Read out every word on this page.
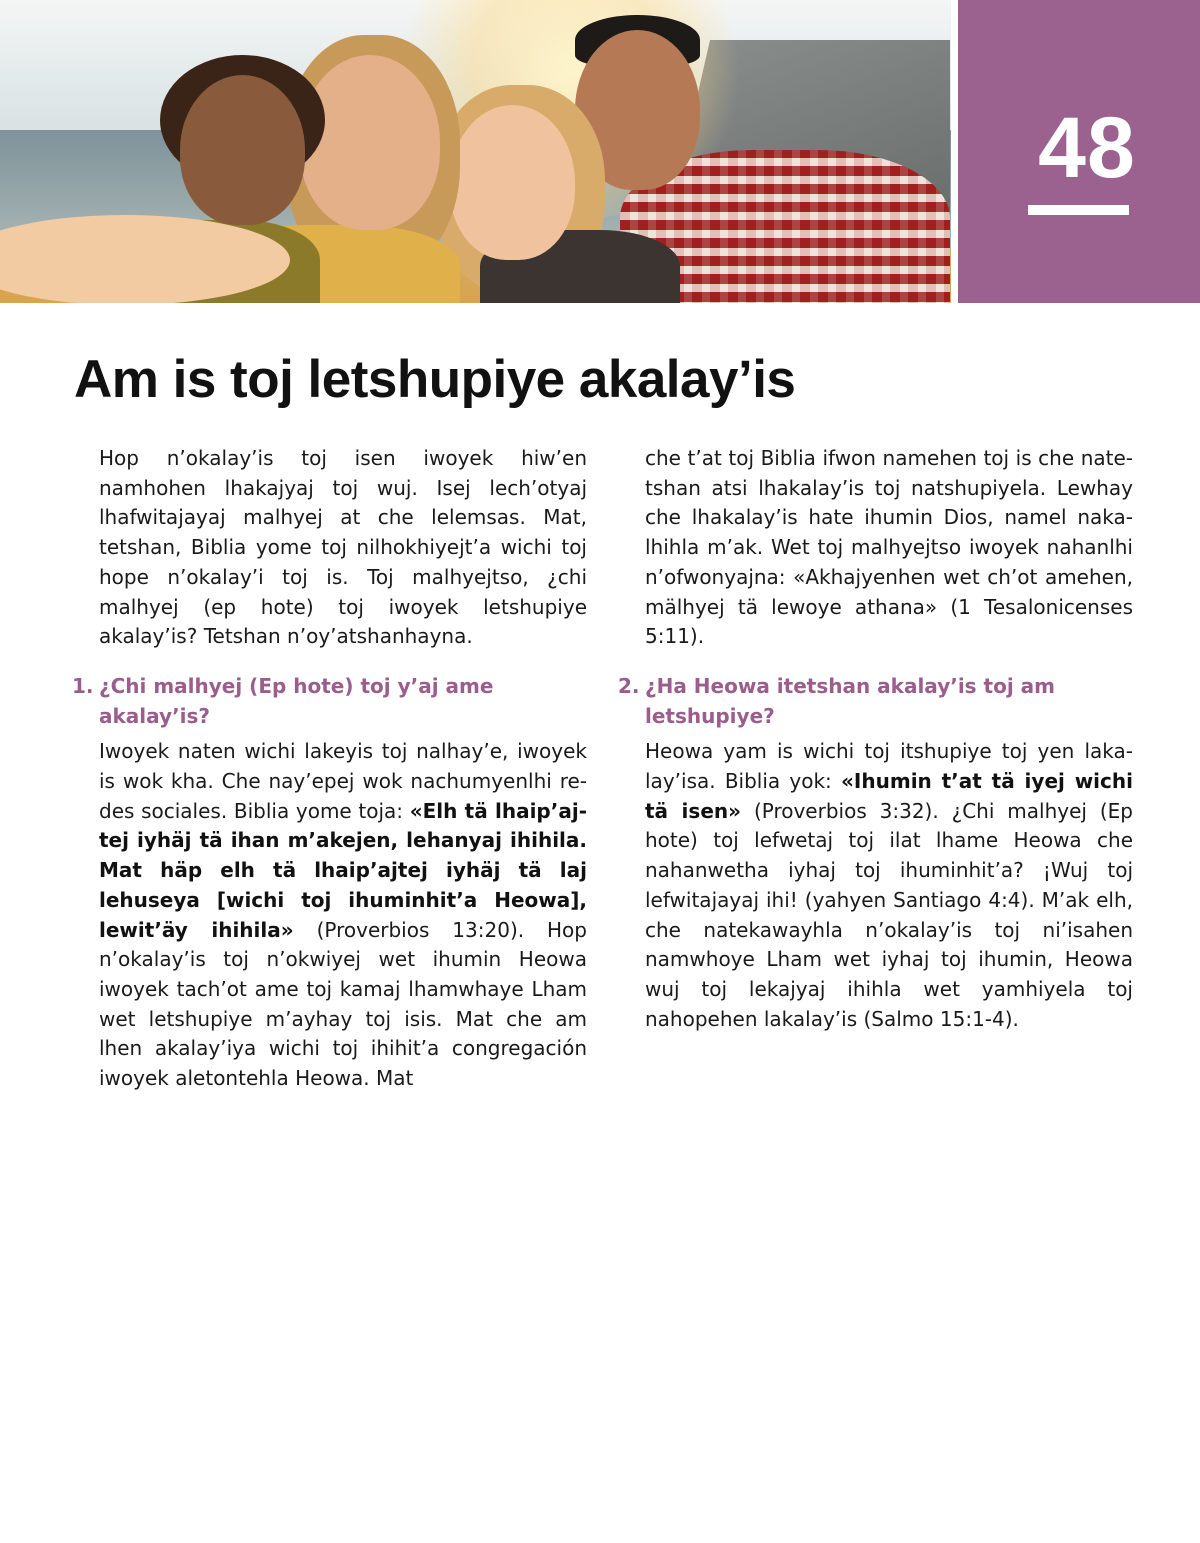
48
Am is toj letshupiye akalay’is

Hop n’okalay’is toj isen iwoyek hiw’en namhohen lhakajyaj toj wuj. Isej lech’otyaj lhafwitajayaj malhyej at che lelemsas. Mat, tetshan, Biblia yome toj nilhokhiyejt’a wichi toj hope n’okalay’i toj is. Toj malhyejtso, ¿chi malhyej (ep hote) toj iwoyek letshupiye akalay’is? Tetshan n’oy’atshanhayna.

1. ¿Chi malhyej (Ep hote) toj y’aj ame akalay’is?

Iwoyek naten wichi lakeyis toj nalhay’e, iwoyek is wok kha. Che nay’epej wok nachumyenlhi redes sociales. Biblia yome toja: «Elh tä lhaip’ajtej iyhäj tä ihan m’akejen, lehanyaj ihihila. Mat häp elh tä lhaip’ajtej iyhäj tä laj lehuseya [wichi toj ihuminhit’a Heowa], lewit’äy ihihila» (Proverbios 13:20). Hop n’okalay’is toj n’okwiyej wet ihumin Heowa iwoyek tach’ot ame toj kamaj lhamwhaye Lham wet letshupiye m’ayhay toj isis. Mat che am lhen akalay’iya wichi toj ihihit’a congregación iwoyek aletontehla Heowa. Mat

che t’at toj Biblia ifwon namehen toj is che natetshan atsi lhakalay’is toj natshupiyela. Lewhay che lhakalay’is hate ihumin Dios, namel nakalhihla m’ak. Wet toj malhyejtso iwoyek nahanlhi n’ofwonyajna: «Akhajyenhen wet ch’ot amehen, mälhyej tä lewoye athana» (1 Tesalonicenses 5:11).

2. ¿Ha Heowa itetshan akalay’is toj am letshupiye?

Heowa yam is wichi toj itshupiye toj yen lakalay’isa. Biblia yok: «Ihumin t’at tä iyej wichi tä isen» (Proverbios 3:32). ¿Chi malhyej (Ep hote) toj lefwetaj toj ilat lhame Heowa che nahanwetha iyhaj toj ihuminhit’a? ¡Wuj toj lefwitajayaj ihi! (yahyen Santiago 4:4). M’ak elh, che natekawayhla n’okalay’is toj ni’isahen namwhoye Lham wet iyhaj toj ihumin, Heowa wuj toj lekajyaj ihihla wet yamhiyela toj nahopehen lakalay’is (Salmo 15:1-4).
